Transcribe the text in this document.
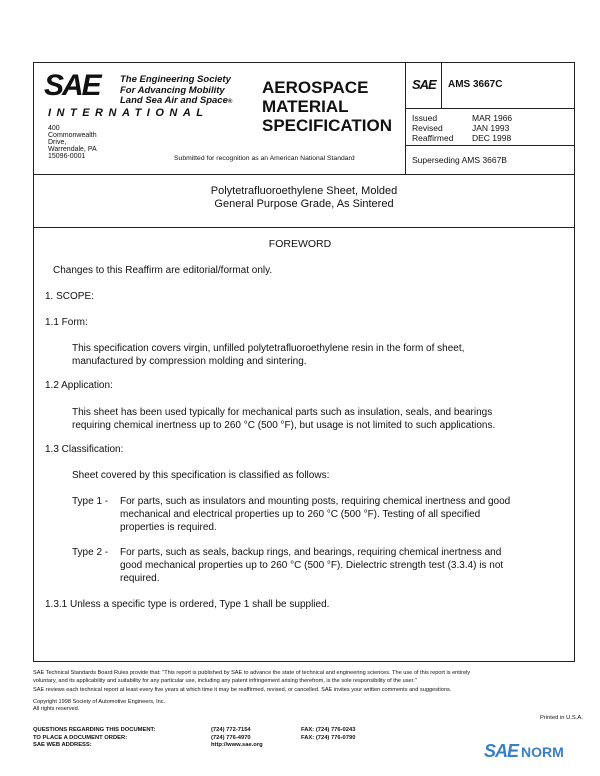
SAE The Engineering Society
For Advancing Mobility
Land Sea Air and Space®
INTERNATIONAL
400 Commonwealth Drive, Warrendale, PA 15096-0001	Submitted for recognition as an American National Standard
AEROSPACE
MATERIAL
SPECIFICATION
SAE AMS 3667C
Issued	MAR 1966
Revised	JAN 1993
Reaffirmed	DEC 1998
Superseding AMS 3667B
Polytetrafluoroethylene Sheet, Molded
General Purpose Grade, As Sintered
FOREWORD
Changes to this Reaffirm are editorial/format only.
1. SCOPE:
1.1 Form:
This specification covers virgin, unfilled polytetrafluoroethylene resin in the form of sheet,
manufactured by compression molding and sintering.
1.2 Application:
This sheet has been used typically for mechanical parts such as insulation, seals, and bearings
requiring chemical inertness up to 260 °C (500 °F), but usage is not limited to such applications.
1.3 Classification:
Sheet covered by this specification is classified as follows:
Type 1 - For parts, such as insulators and mounting posts, requiring chemical inertness and good
mechanical and electrical properties up to 260 °C (500 °F). Testing of all specified
properties is required.
Type 2 - For parts, such as seals, backup rings, and bearings, requiring chemical inertness and
good mechanical properties up to 260 °C (500 °F). Dielectric strength test (3.3.4) is not
required.
1.3.1 Unless a specific type is ordered, Type 1 shall be supplied.
SAE Technical Standards Board Rules provide that: "This report is published by SAE to advance the state of technical and engineering sciences. The use of this report is entirely
voluntary, and its applicability and suitability for any particular use, including any patent infringement arising therefrom, is the sole responsibility of the user."
SAE reviews each technical report at least every five years at which time it may be reaffirmed, revised, or cancelled. SAE invites your written comments and suggestions.
Copyright 1998 Society of Automotive Engineers, Inc.
All rights reserved.
Printed in U.S.A.
QUESTIONS REGARDING THIS DOCUMENT:	(724) 772-7154	FAX: (724) 776-0243
TO PLACE A DOCUMENT ORDER:	(724) 776-4970	FAX: (724) 776-0790
SAE WEB ADDRESS:	http://www.sae.org	SAE NORM
